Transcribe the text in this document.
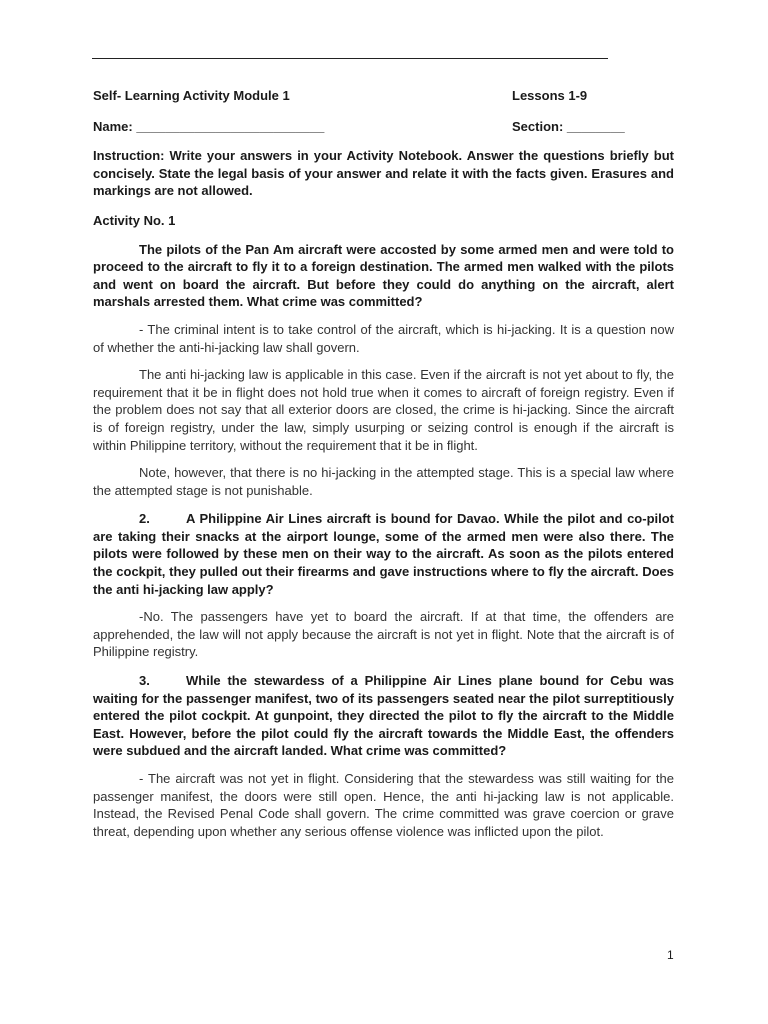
Self- Learning Activity Module 1	Lessons 1-9
Name: __________________________	Section: ________
Instruction: Write your answers in your Activity Notebook. Answer the questions briefly but concisely. State the legal basis of your answer and relate it with the facts given. Erasures and markings are not allowed.
Activity No. 1
The pilots of the Pan Am aircraft were accosted by some armed men and were told to proceed to the aircraft to fly it to a foreign destination. The armed men walked with the pilots and went on board the aircraft. But before they could do anything on the aircraft, alert marshals arrested them. What crime was committed?
- The criminal intent is to take control of the aircraft, which is hi-jacking. It is a question now of whether the anti-hi-jacking law shall govern.
The anti hi-jacking law is applicable in this case. Even if the aircraft is not yet about to fly, the requirement that it be in flight does not hold true when it comes to aircraft of foreign registry. Even if the problem does not say that all exterior doors are closed, the crime is hi-jacking. Since the aircraft is of foreign registry, under the law, simply usurping or seizing control is enough if the aircraft is within Philippine territory, without the requirement that it be in flight.
Note, however, that there is no hi-jacking in the attempted stage. This is a special law where the attempted stage is not punishable.
2.	A Philippine Air Lines aircraft is bound for Davao. While the pilot and co-pilot are taking their snacks at the airport lounge, some of the armed men were also there. The pilots were followed by these men on their way to the aircraft. As soon as the pilots entered the cockpit, they pulled out their firearms and gave instructions where to fly the aircraft. Does the anti hi-jacking law apply?
-No. The passengers have yet to board the aircraft. If at that time, the offenders are apprehended, the law will not apply because the aircraft is not yet in flight. Note that the aircraft is of Philippine registry.
3.	While the stewardess of a Philippine Air Lines plane bound for Cebu was waiting for the passenger manifest, two of its passengers seated near the pilot surreptitiously entered the pilot cockpit. At gunpoint, they directed the pilot to fly the aircraft to the Middle East. However, before the pilot could fly the aircraft towards the Middle East, the offenders were subdued and the aircraft landed. What crime was committed?
- The aircraft was not yet in flight. Considering that the stewardess was still waiting for the passenger manifest, the doors were still open. Hence, the anti hi-jacking law is not applicable. Instead, the Revised Penal Code shall govern. The crime committed was grave coercion or grave threat, depending upon whether any serious offense violence was inflicted upon the pilot.
1
